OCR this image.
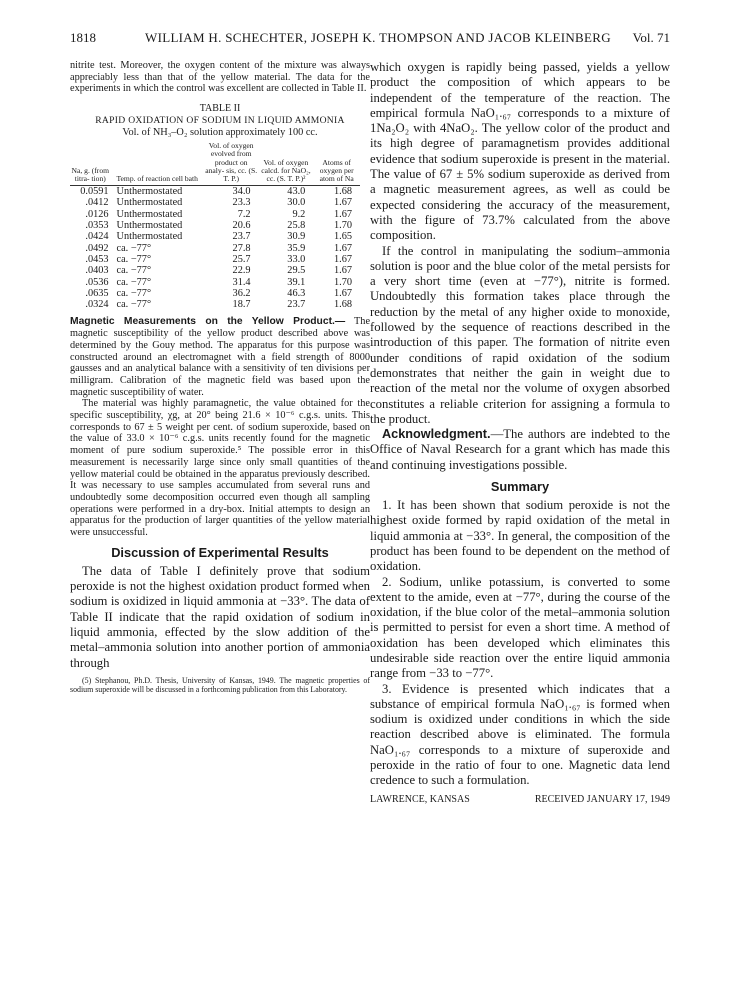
1818	WILLIAM H. SCHECHTER, JOSEPH K. THOMPSON AND JACOB KLEINBERG Vol. 71

nitrite test. Moreover, the oxygen content of the mixture was always appreciably less than that of the yellow material. The data for the experiments in which the control was excellent are collected in Table II.

TABLE II
RAPID OXIDATION OF SODIUM IN LIQUID AMMONIA
Vol. of NH₃–O₂ solution approximately 100 cc.
Na, g. (from titra- tion)	Temp. of reaction cell bath	Vol. of oxygen evolved from product on analy- sis, cc. (S. T. P.)	Vol. of oxygen calcd. for NaO₂, cc. (S. T. P.)²	Atoms of oxygen per atom of Na
0.0591	Unthermostated	34.0	43.0	1.68
.0412	Unthermostated	23.3	30.0	1.67
.0126	Unthermostated	7.2	9.2	1.67
.0353	Unthermostated	20.6	25.8	1.70
.0424	Unthermostated	23.7	30.9	1.65
.0492	ca. −77°	27.8	35.9	1.67
.0453	ca. −77°	25.7	33.0	1.67
.0403	ca. −77°	22.9	29.5	1.67
.0536	ca. −77°	31.4	39.1	1.70
.0635	ca. −77°	36.2	46.3	1.67
.0324	ca. −77°	18.7	23.7	1.68

Magnetic Measurements on the Yellow Product.— The magnetic susceptibility of the yellow product described above was determined by the Gouy method. The apparatus for this purpose was constructed around an electromagnet with a field strength of 8000 gausses and an analytical balance with a sensitivity of ten divisions per milligram. Calibration of the magnetic field was based upon the magnetic susceptibility of water.

The material was highly paramagnetic, the value obtained for the specific susceptibility, χg, at 20° being 21.6 × 10⁻⁶ c.g.s. units. This corresponds to 67 ± 5 weight per cent. of sodium superoxide, based on the value of 33.0 × 10⁻⁶ c.g.s. units recently found for the magnetic moment of pure sodium superoxide.⁵ The possible error in this measurement is necessarily large since only small quantities of the yellow material could be obtained in the apparatus previously described. It was necessary to use samples accumulated from several runs and undoubtedly some decomposition occurred even though all sampling operations were performed in a dry-box. Initial attempts to design an apparatus for the production of larger quantities of the yellow material were unsuccessful.

Discussion of Experimental Results

The data of Table I definitely prove that sodium peroxide is not the highest oxidation product formed when sodium is oxidized in liquid ammonia at −33°. The data of Table II indicate that the rapid oxidation of sodium in liquid ammonia, effected by the slow addition of the metal–ammonia solution into another portion of ammonia through

(5) Stephanou, Ph.D. Thesis, University of Kansas, 1949. The magnetic properties of sodium superoxide will be discussed in a forthcoming publication from this Laboratory.

which oxygen is rapidly being passed, yields a yellow product the composition of which appears to be independent of the temperature of the reaction. The empirical formula NaO₁.₆₇ corresponds to a mixture of 1Na₂O₂ with 4NaO₂. The yellow color of the product and its high degree of paramagnetism provides additional evidence that sodium superoxide is present in the material. The value of 67 ± 5% sodium superoxide as derived from a magnetic measurement agrees, as well as could be expected considering the accuracy of the measurement, with the figure of 73.7% calculated from the above composition.

If the control in manipulating the sodium–ammonia solution is poor and the blue color of the metal persists for a very short time (even at −77°), nitrite is formed. Undoubtedly this formation takes place through the reduction by the metal of any higher oxide to monoxide, followed by the sequence of reactions described in the introduction of this paper. The formation of nitrite even under conditions of rapid oxidation of the sodium demonstrates that neither the gain in weight due to reaction of the metal nor the volume of oxygen absorbed constitutes a reliable criterion for assigning a formula to the product.

Acknowledgment.—The authors are indebted to the Office of Naval Research for a grant which has made this and continuing investigations possible.

Summary

1. It has been shown that sodium peroxide is not the highest oxide formed by rapid oxidation of the metal in liquid ammonia at −33°. In general, the composition of the product has been found to be dependent on the method of oxidation.

2. Sodium, unlike potassium, is converted to some extent to the amide, even at −77°, during the course of the oxidation, if the blue color of the metal–ammonia solution is permitted to persist for even a short time. A method of oxidation has been developed which eliminates this undesirable side reaction over the entire liquid ammonia range from −33 to −77°.

3. Evidence is presented which indicates that a substance of empirical formula NaO₁.₆₇ is formed when sodium is oxidized under conditions in which the side reaction described above is eliminated. The formula NaO₁.₆₇ corresponds to a mixture of superoxide and peroxide in the ratio of four to one. Magnetic data lend credence to such a formulation.

LAWRENCE, KANSAS	RECEIVED JANUARY 17, 1949
